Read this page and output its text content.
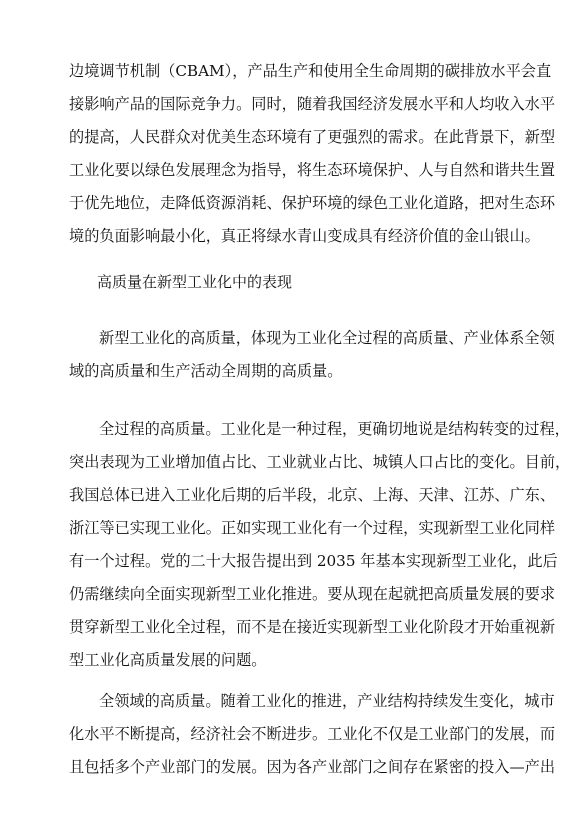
边境调节机制（CBAM），产品生产和使用全生命周期的碳排放水平会直
接影响产品的国际竞争力。同时，随着我国经济发展水平和人均收入水平
的提高，人民群众对优美生态环境有了更强烈的需求。在此背景下，新型
工业化要以绿色发展理念为指导，将生态环境保护、人与自然和谐共生置
于优先地位，走降低资源消耗、保护环境的绿色工业化道路，把对生态环
境的负面影响最小化，真正将绿水青山变成具有经济价值的金山银山。
高质量在新型工业化中的表现
新型工业化的高质量，体现为工业化全过程的高质量、产业体系全领
域的高质量和生产活动全周期的高质量。
全过程的高质量。工业化是一种过程，更确切地说是结构转变的过程，
突出表现为工业增加值占比、工业就业占比、城镇人口占比的变化。目前，
我国总体已进入工业化后期的后半段，北京、上海、天津、江苏、广东、
浙江等已实现工业化。正如实现工业化有一个过程，实现新型工业化同样
有一个过程。党的二十大报告提出到 2035 年基本实现新型工业化，此后
仍需继续向全面实现新型工业化推进。要从现在起就把高质量发展的要求
贯穿新型工业化全过程，而不是在接近实现新型工业化阶段才开始重视新
型工业化高质量发展的问题。
全领域的高质量。随着工业化的推进，产业结构持续发生变化，城市
化水平不断提高，经济社会不断进步。工业化不仅是工业部门的发展，而
且包括多个产业部门的发展。因为各产业部门之间存在紧密的投入—产出
